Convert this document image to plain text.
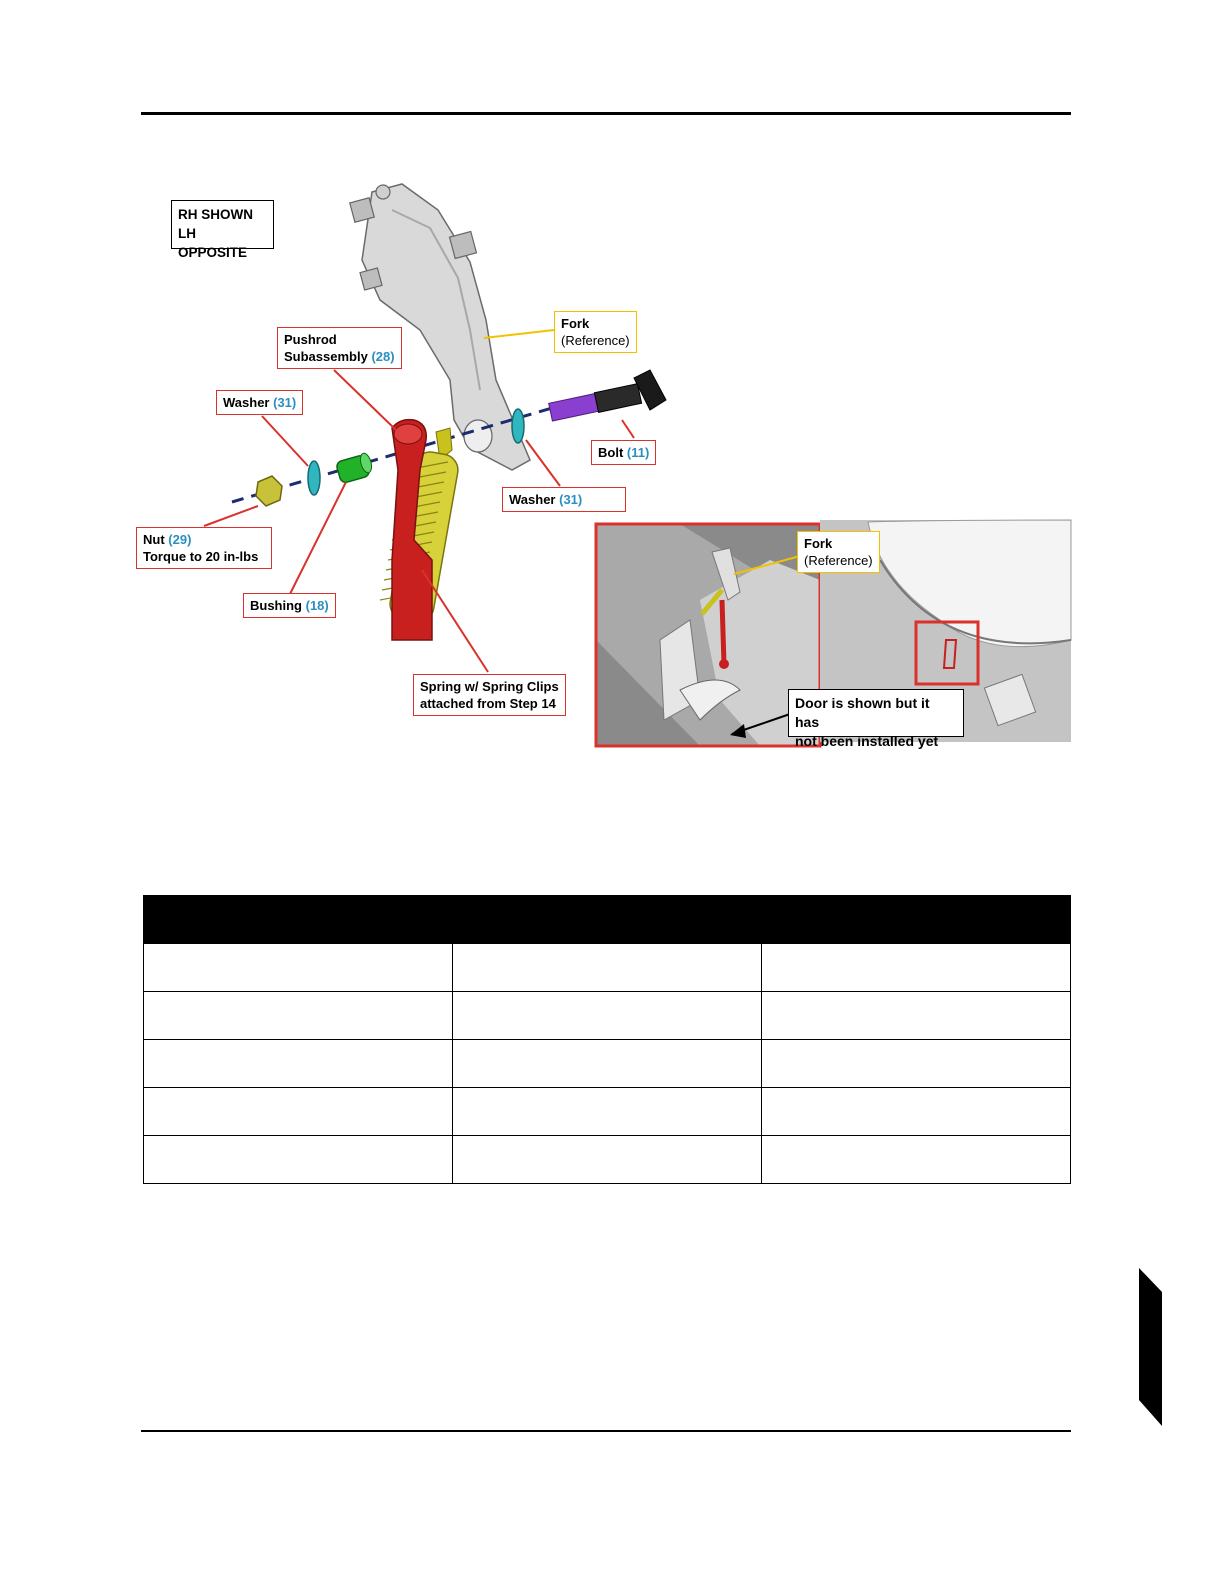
RH SHOWN
LH OPPOSITE
Pushrod
Subassembly (28)
Fork
(Reference)
Washer (31)
Bolt (11)
Washer (31)
Nut (29)
Torque to 20 in-lbs
Bushing (18)
Spring w/ Spring Clips
attached from Step 14
Fork
(Reference)
Door is shown but it has
not been installed yet
